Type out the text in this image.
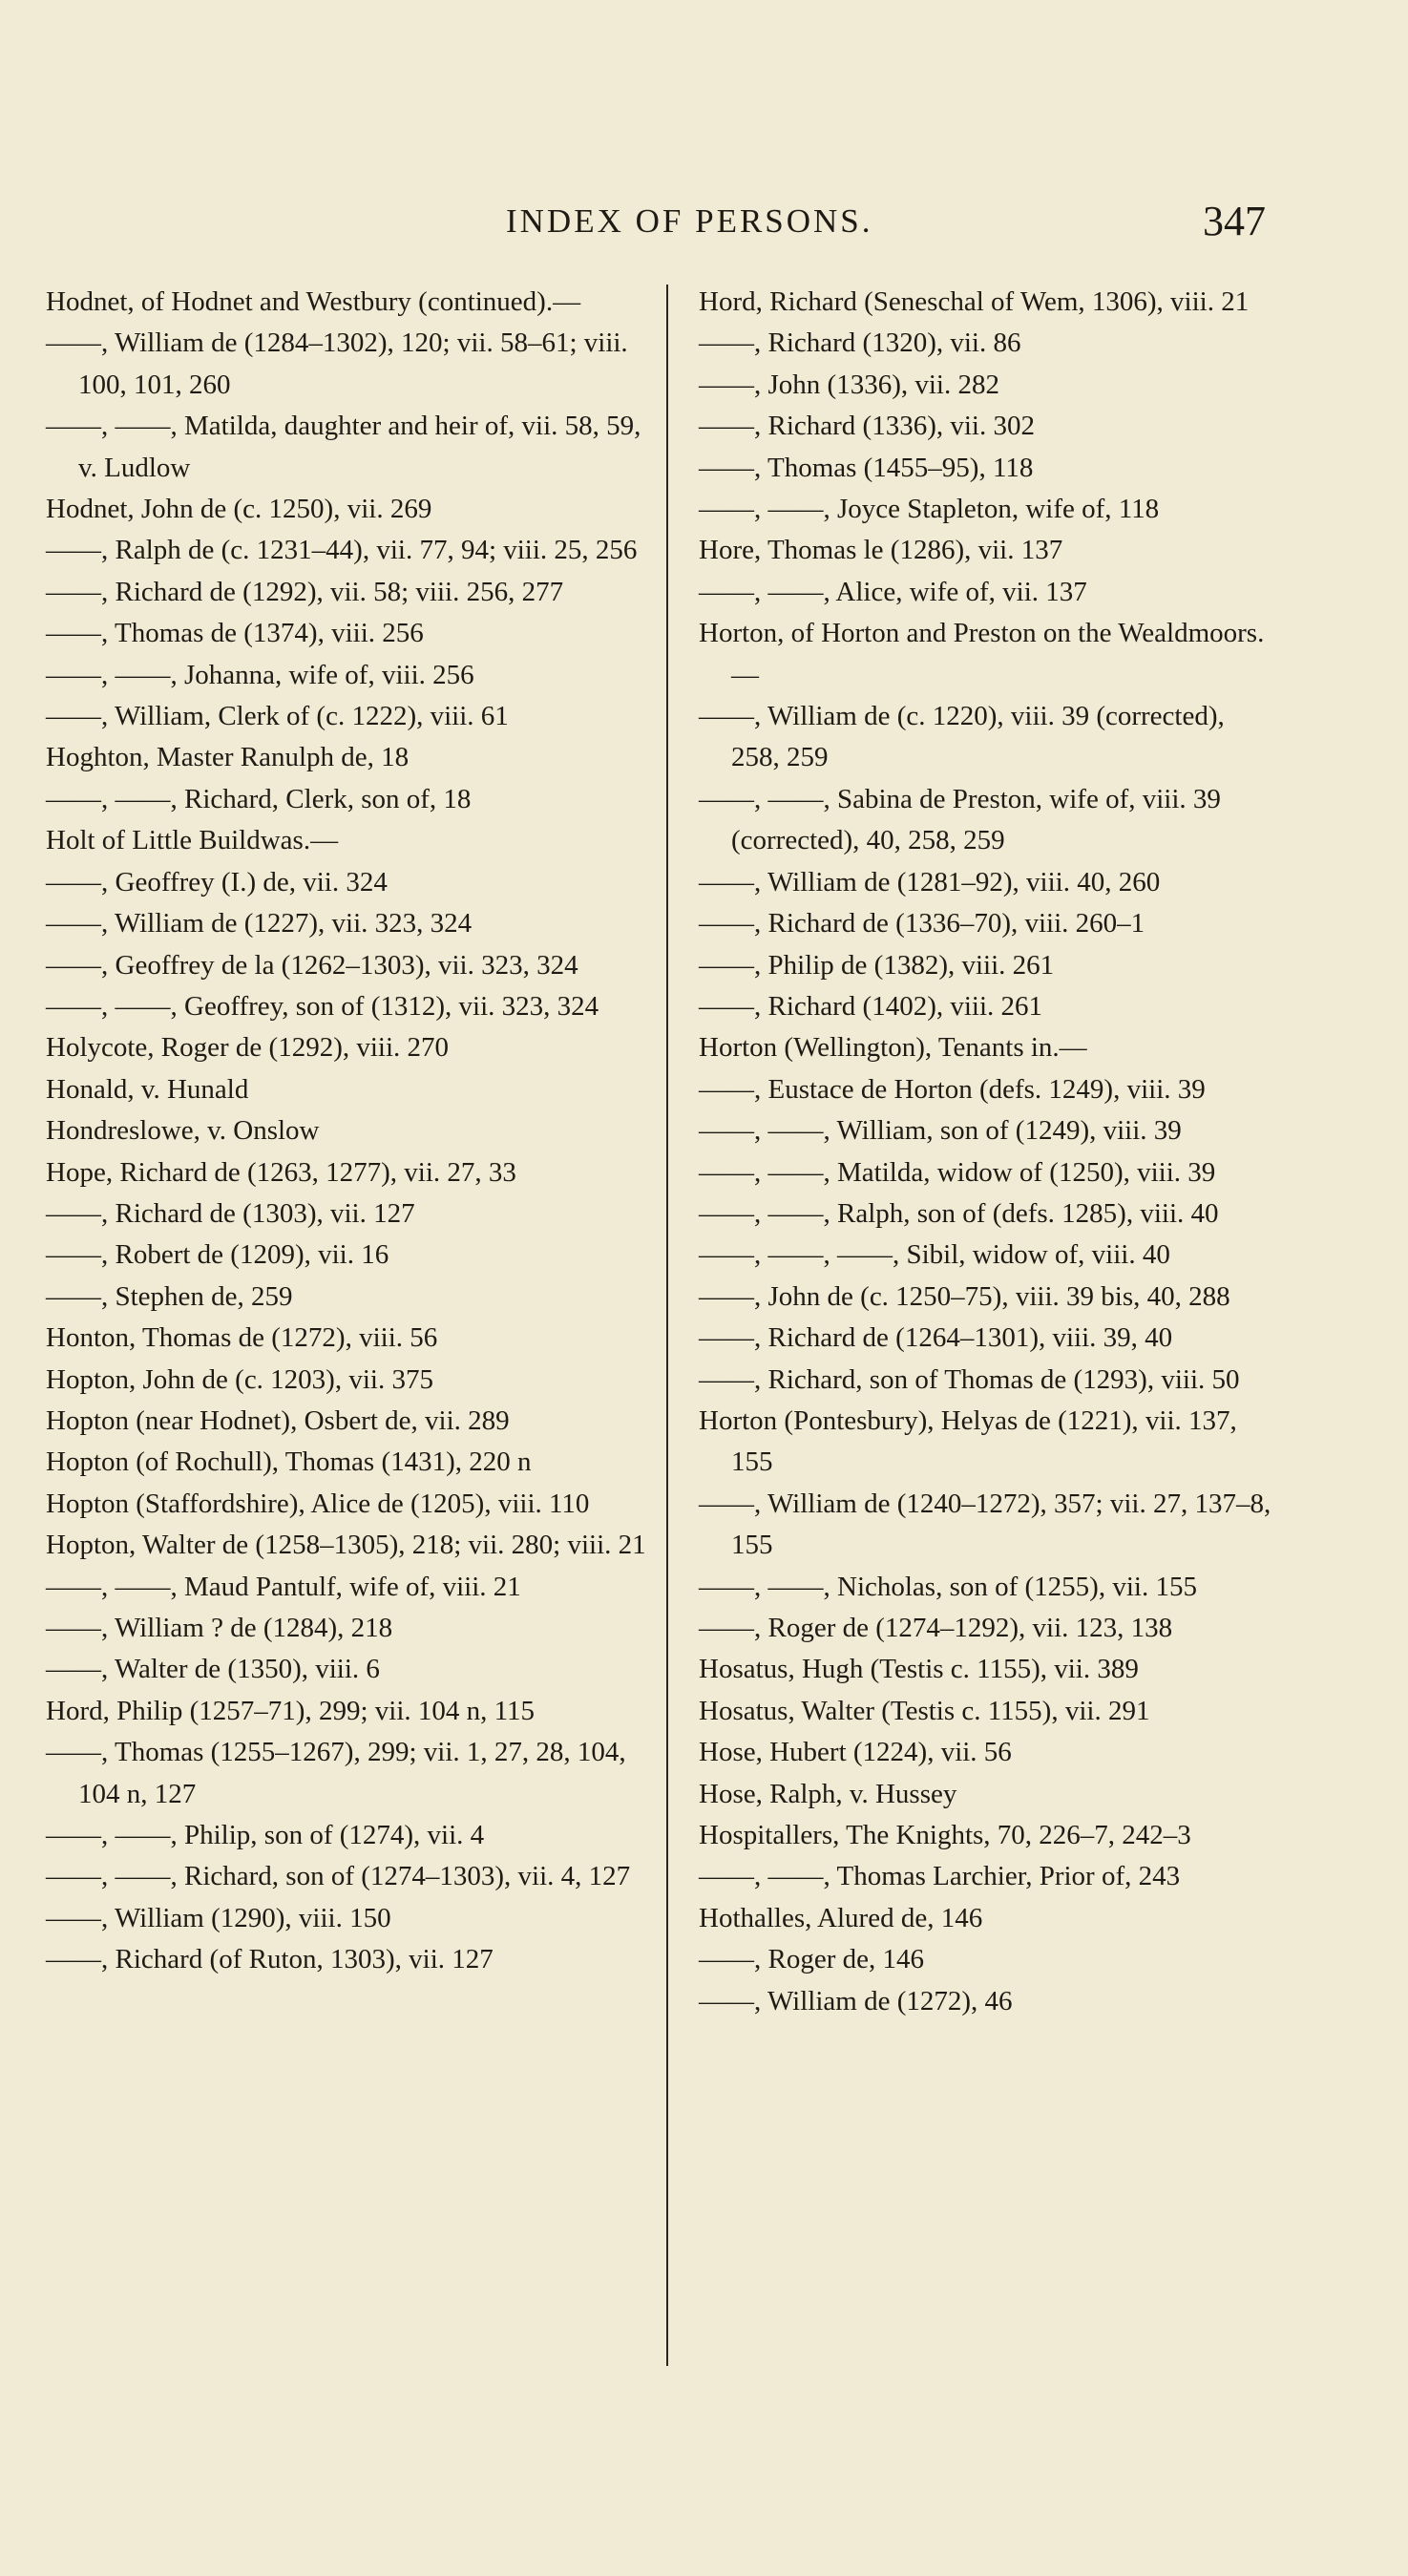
INDEX OF PERSONS.	347

Hodnet, of Hodnet and Westbury (continued).—

——, William de (1284–1302), 120; vii. 58–61; viii. 100, 101, 260

——, ——, Matilda, daughter and heir of, vii. 58, 59, v. Ludlow

Hodnet, John de (c. 1250), vii. 269

——, Ralph de (c. 1231–44), vii. 77, 94; viii. 25, 256

——, Richard de (1292), vii. 58; viii. 256, 277

——, Thomas de (1374), viii. 256

——, ——, Johanna, wife of, viii. 256

——, William, Clerk of (c. 1222), viii. 61

Hoghton, Master Ranulph de, 18

——, ——, Richard, Clerk, son of, 18

Holt of Little Buildwas.—

——, Geoffrey (I.) de, vii. 324

——, William de (1227), vii. 323, 324

——, Geoffrey de la (1262–1303), vii. 323, 324

——, ——, Geoffrey, son of (1312), vii. 323, 324

Holycote, Roger de (1292), viii. 270

Honald, v. Hunald

Hondreslowe, v. Onslow

Hope, Richard de (1263, 1277), vii. 27, 33

——, Richard de (1303), vii. 127

——, Robert de (1209), vii. 16

——, Stephen de, 259

Honton, Thomas de (1272), viii. 56

Hopton, John de (c. 1203), vii. 375

Hopton (near Hodnet), Osbert de, vii. 289

Hopton (of Rochull), Thomas (1431), 220 n

Hopton (Staffordshire), Alice de (1205), viii. 110

Hopton, Walter de (1258–1305), 218; vii. 280; viii. 21

——, ——, Maud Pantulf, wife of, viii. 21

——, William ? de (1284), 218

——, Walter de (1350), viii. 6

Hord, Philip (1257–71), 299; vii. 104 n, 115

——, Thomas (1255–1267), 299; vii. 1, 27, 28, 104, 104 n, 127

——, ——, Philip, son of (1274), vii. 4

——, ——, Richard, son of (1274–1303), vii. 4, 127

——, William (1290), viii. 150

——, Richard (of Ruton, 1303), vii. 127

Hord, Richard (Seneschal of Wem, 1306), viii. 21

——, Richard (1320), vii. 86

——, John (1336), vii. 282

——, Richard (1336), vii. 302

——, Thomas (1455–95), 118

——, ——, Joyce Stapleton, wife of, 118

Hore, Thomas le (1286), vii. 137

——, ——, Alice, wife of, vii. 137

Horton, of Horton and Preston on the Wealdmoors.—

——, William de (c. 1220), viii. 39 (corrected), 258, 259

——, ——, Sabina de Preston, wife of, viii. 39 (corrected), 40, 258, 259

——, William de (1281–92), viii. 40, 260

——, Richard de (1336–70), viii. 260–1

——, Philip de (1382), viii. 261

——, Richard (1402), viii. 261

Horton (Wellington), Tenants in.—

——, Eustace de Horton (defs. 1249), viii. 39

——, ——, William, son of (1249), viii. 39

——, ——, Matilda, widow of (1250), viii. 39

——, ——, Ralph, son of (defs. 1285), viii. 40

——, ——, ——, Sibil, widow of, viii. 40

——, John de (c. 1250–75), viii. 39 bis, 40, 288

——, Richard de (1264–1301), viii. 39, 40

——, Richard, son of Thomas de (1293), viii. 50

Horton (Pontesbury), Helyas de (1221), vii. 137, 155

——, William de (1240–1272), 357; vii. 27, 137–8, 155

——, ——, Nicholas, son of (1255), vii. 155

——, Roger de (1274–1292), vii. 123, 138

Hosatus, Hugh (Testis c. 1155), vii. 389

Hosatus, Walter (Testis c. 1155), vii. 291

Hose, Hubert (1224), vii. 56

Hose, Ralph, v. Hussey

Hospitallers, The Knights, 70, 226–7, 242–3

——, ——, Thomas Larchier, Prior of, 243

Hothalles, Alured de, 146

——, Roger de, 146

——, William de (1272), 46
